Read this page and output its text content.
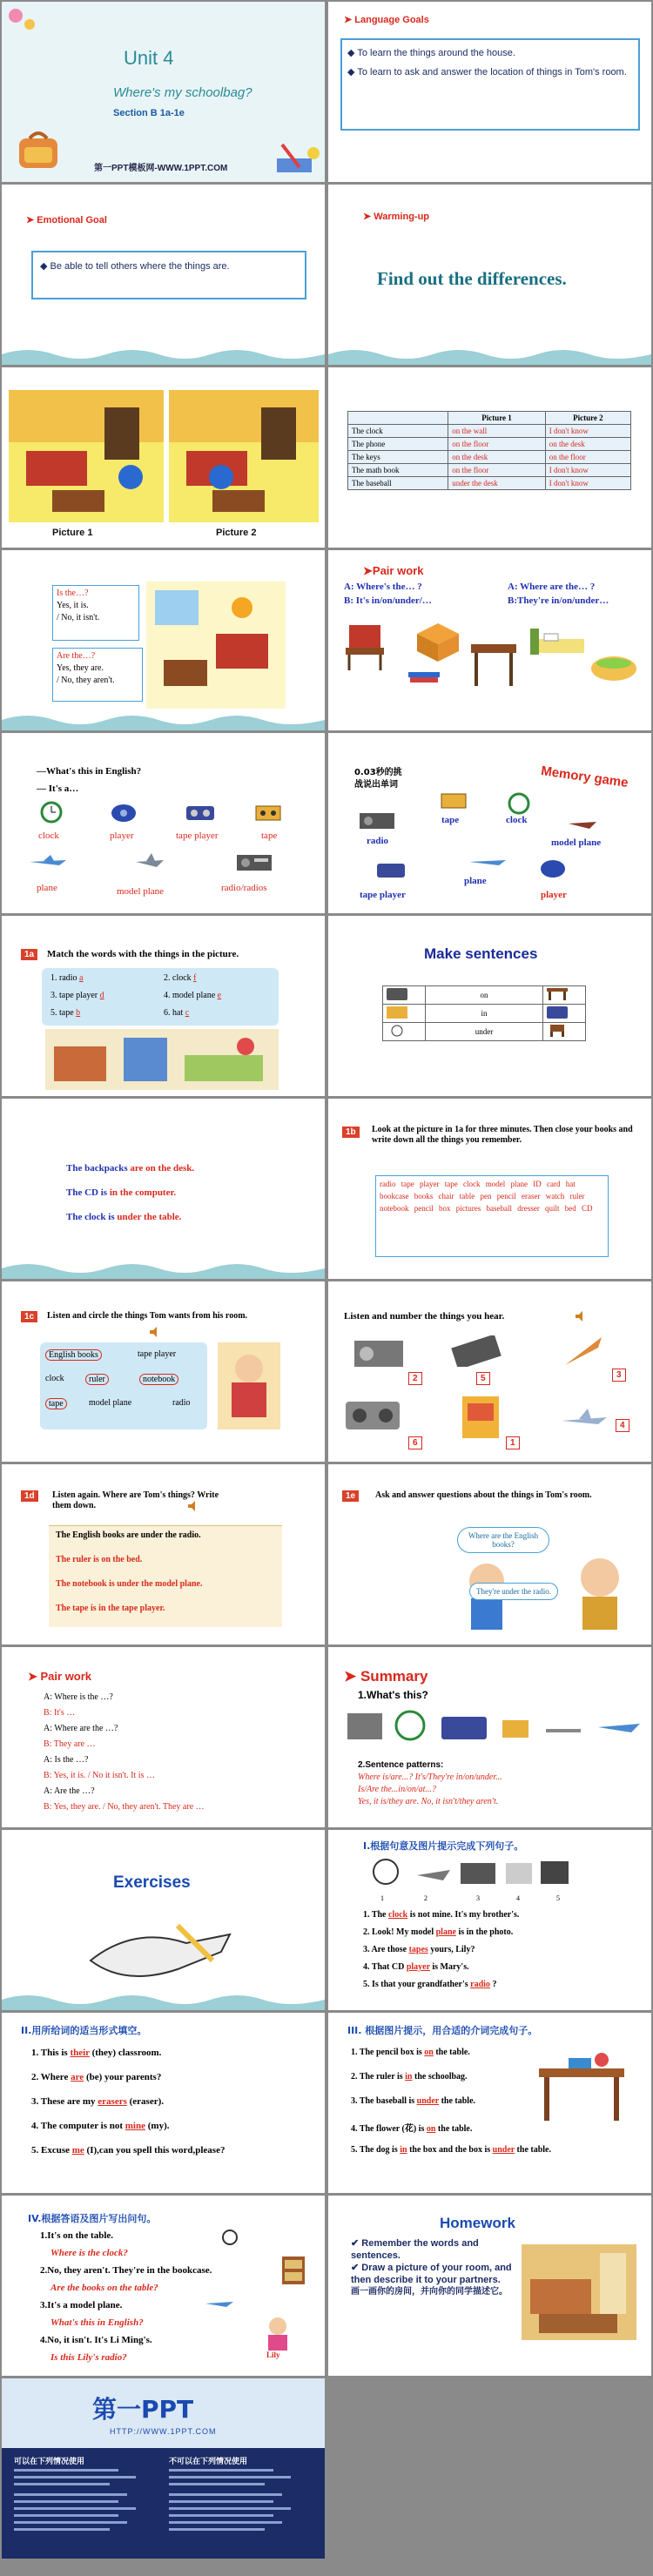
Unit 4
Where's my schoolbag?
Section B 1a-1e
第一PPT模板网-WWW.1PPT.COM
➤ Language Goals
◆ To learn the things around the house.
◆ To learn to ask and answer the location of things in Tom's room.
➤ Emotional Goal
◆ Be able to tell others where the things are.
➤ Warming-up
Find out the differences.
Picture 1	Picture 2
	Picture 1	Picture 2
The clock	on the wall	I don't know
The phone	on the floor	on the desk
The keys	on the desk	on the floor
The math book	on the floor	I don't know
The baseball	under the desk	I don't know
Is the…?
Yes, it is.
/ No, it isn't.
Are the…?
Yes, they are.
/ No, they aren't.
➤Pair work
A: Where's the… ?	A: Where are the… ?
B: It's in/on/under/…	B:They're in/on/under…
—What's this in English?
— It's a…
clock	player	tape player	tape
plane	model plane	radio/radios
0.03秒的挑
战说出单词	Memory game
tape	clock
radio	model plane
plane
tape player	player
1a	Match the words with the things in the picture.
1. radio a	2. clock f
3. tape player d	4. model plane e
5. tape b	6. hat c
Make sentences
	on	
	in	
	under	
The backpacks are on the desk.
The CD is in the computer.
The clock is under the table.
1b	Look at the picture in 1a for three minutes. Then close your books and write down all the things you remember.
radio tape player tape clock model plane ID card hat bookcase books chair table pen pencil eraser watch ruler notebook pencil box pictures baseball dresser quilt bed CD
1c	Listen and circle the things Tom wants from his room.
English books	tape player
clock	ruler	notebook
tape	model plane	radio
Listen and number the things you hear.
2	5	3
6	1
4
1d	Listen again. Where are Tom's things? Write them down.
The English books are under the radio.
The ruler is on the bed.
The notebook is under the model plane.
The tape is in the tape player.
1e	Ask and answer questions about the things in Tom's room.
Where are the English books?
They're under the radio.
➤ Pair work
A: Where is the …?
B: It's …
A: Where are the …?
B: They are …
A: Is the …?
B: Yes, it is. / No it isn't. It is …
A: Are the …?
B: Yes, they are. / No, they aren't. They are …
➤ Summary
1.What's this?
2.Sentence patterns:
Where is/are...? It's/They're in/on/under...
Is/Are the...in/on/at...?
Yes, it is/they are. No, it isn't/they aren't.
Exercises
I.根据句意及图片提示完成下列句子。
1	2	3	4	5
1. The clock is not mine. It's my brother's.
2. Look! My model plane is in the photo.
3. Are those tapes yours, Lily?
4. That CD player is Mary's.
5. Is that your grandfather's radio ?
II.用所给词的适当形式填空。
1. This is their (they) classroom.
2. Where are (be) your parents?
3. These are my erasers (eraser).
4. The computer is not mine (my).
5. Excuse me (I),can you spell this word,please?
III. 根据图片提示，用合适的介词完成句子。
1. The pencil box is on the table.
2. The ruler is in the schoolbag.
3. The baseball is under the table.
4. The flower (花) is on the table.
5. The dog is in the box and the box is under the table.
IV.根据答语及图片写出问句。
1.It's on the table.
Where is the clock?
2.No, they aren't. They're in the bookcase.
Are the books on the table?
3.It's a model plane.
What's this in English?
4.No, it isn't. It's Li Ming's.
Is this Lily's radio?	Lily
Homework
✔ Remember the words and sentences.
✔ Draw a picture of your room, and then describe it to your partners.
画一画你的房间，并向你的同学描述它。
第一PPT
HTTP://WWW.1PPT.COM
可以在下列情况使用	不可以在下列情况使用
